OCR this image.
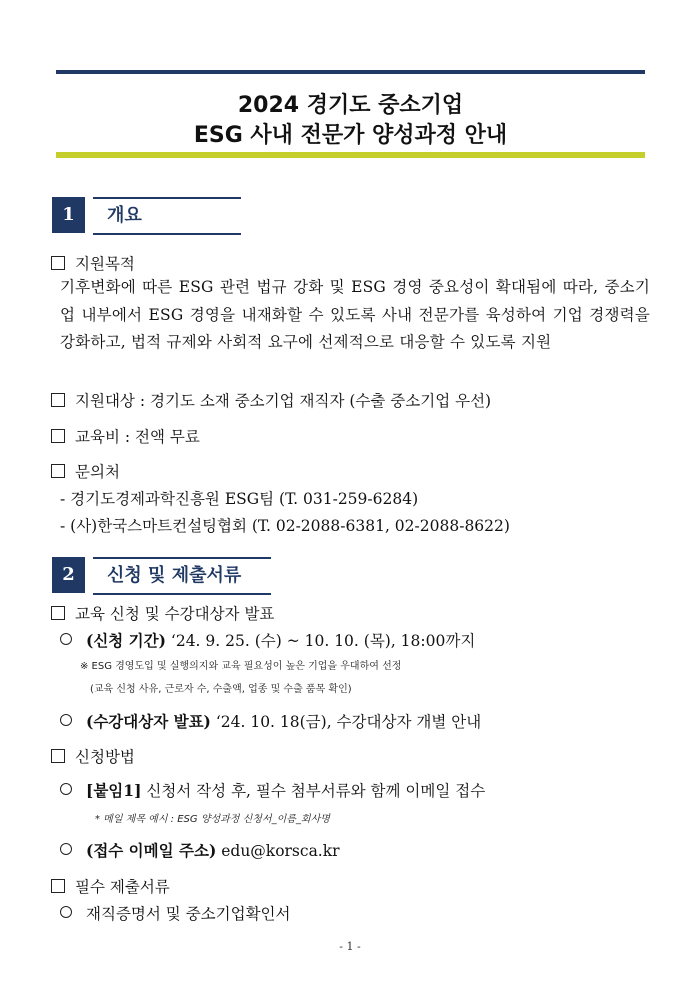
2024 경기도 중소기업
ESG 사내 전문가 양성과정 안내
1	개요
지원목적
기후변화에 따른 ESG 관련 법규 강화 및 ESG 경영 중요성이 확대됨에 따라, 중소기업 내부에서 ESG 경영을 내재화할 수 있도록 사내 전문가를 육성하여 기업 경쟁력을 강화하고, 법적 규제와 사회적 요구에 선제적으로 대응할 수 있도록 지원
지원대상 : 경기도 소재 중소기업 재직자 (수출 중소기업 우선)
교육비 : 전액 무료
문의처
- 경기도경제과학진흥원 ESG팀 (T. 031-259-6284)
- (사)한국스마트컨설팅협회 (T. 02-2088-6381, 02-2088-8622)
2	신청 및 제출서류
교육 신청 및 수강대상자 발표
(신청 기간) ‘24. 9. 25. (수) ~ 10. 10. (목), 18:00까지
※ ESG 경영도입 및 실행의지와 교육 필요성이 높은 기업을 우대하여 선정
(교육 신청 사유, 근로자 수, 수출액, 업종 및 수출 품목 확인)
(수강대상자 발표) ‘24. 10. 18(금), 수강대상자 개별 안내
신청방법
[붙임1] 신청서 작성 후, 필수 첨부서류와 함께 이메일 접수
* 메일 제목 예시 : ESG 양성과정 신청서_이름_회사명
(접수 이메일 주소) edu@korsca.kr
필수 제출서류
재직증명서 및 중소기업확인서
- 1 -
